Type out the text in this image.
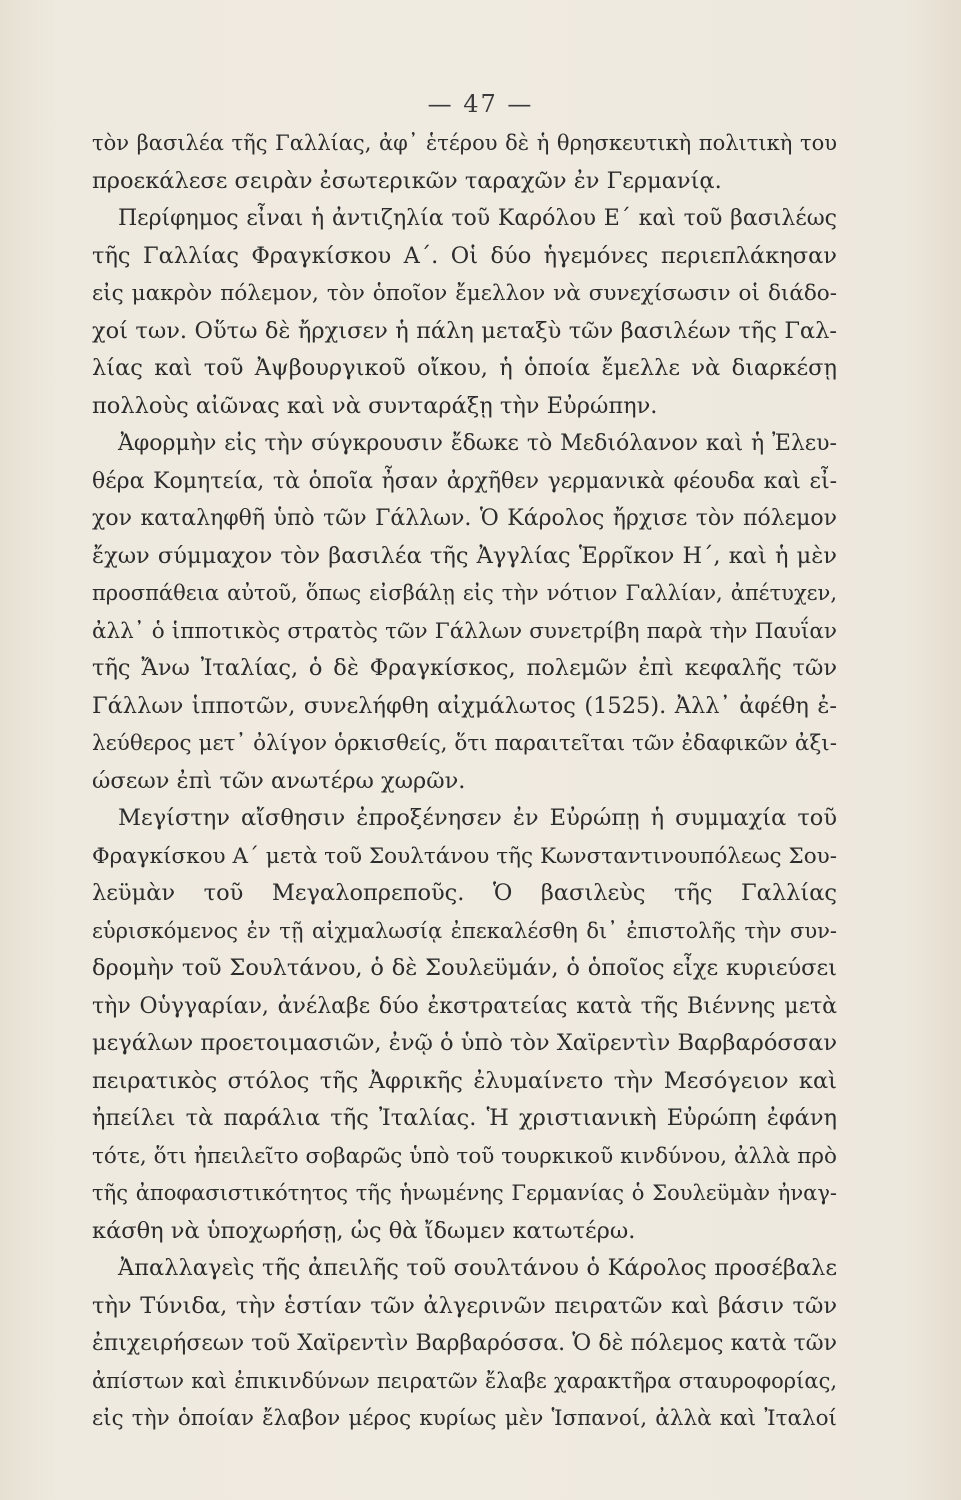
— 47 —
τὸν βασιλέα τῆς Γαλλίας, ἀφ᾽ ἑτέρου δὲ ἡ θρησκευτικὴ πολιτικὴ του
προεκάλεσε σειρὰν ἐσωτερικῶν ταραχῶν ἐν Γερμανίᾳ.
Περίφημος εἶναι ἡ ἀντιζηλία τοῦ Καρόλου Ε´ καὶ τοῦ βασιλέως
τῆς Γαλλίας Φραγκίσκου Α´. Οἱ δύο ἡγεμόνες περιεπλάκησαν
εἰς μακρὸν πόλεμον, τὸν ὁποῖον ἔμελλον νὰ συνεχίσωσιν οἱ διάδο-
χοί των. Οὕτω δὲ ἤρχισεν ἡ πάλη μεταξὺ τῶν βασιλέων τῆς Γαλ-
λίας καὶ τοῦ Ἀψβουργικοῦ οἴκου, ἡ ὁποία ἔμελλε νὰ διαρκέσῃ
πολλοὺς αἰῶνας καὶ νὰ συνταράξῃ τὴν Εὐρώπην.
Ἀφορμὴν εἰς τὴν σύγκρουσιν ἔδωκε τὸ Μεδιόλανον καὶ ἡ Ἐλευ-
θέρα Κομητεία, τὰ ὁποῖα ἦσαν ἀρχῆθεν γερμανικὰ φέουδα καὶ εἶ-
χον καταληφθῆ ὑπὸ τῶν Γάλλων. Ὁ Κάρολος ἤρχισε τὸν πόλεμον
ἔχων σύμμαχον τὸν βασιλέα τῆς Ἀγγλίας Ἑρρῖκον Η´, καὶ ἡ μὲν
προσπάθεια αὐτοῦ, ὅπως εἰσβάλῃ εἰς τὴν νότιον Γαλλίαν, ἀπέτυχεν,
ἀλλ᾽ ὁ ἱπποτικὸς στρατὸς τῶν Γάλλων συνετρίβη παρὰ τὴν Παυΐαν
τῆς Ἄνω Ἰταλίας, ὁ δὲ Φραγκίσκος, πολεμῶν ἐπὶ κεφαλῆς τῶν
Γάλλων ἱπποτῶν, συνελήφθη αἰχμάλωτος (1525). Ἀλλ᾽ ἀφέθη ἐ-
λεύθερος μετ᾽ ὀλίγον ὁρκισθείς, ὅτι παραιτεῖται τῶν ἐδαφικῶν ἀξι-
ώσεων ἐπὶ τῶν ανωτέρω χωρῶν.
Μεγίστην αἴσθησιν ἐπροξένησεν ἐν Εὐρώπῃ ἡ συμμαχία τοῦ
Φραγκίσκου Α´ μετὰ τοῦ Σουλτάνου τῆς Κωνσταντινουπόλεως Σου-
λεϋμὰν τοῦ Μεγαλοπρεποῦς. Ὁ βασιλεὺς τῆς Γαλλίας
εὑρισκόμενος ἐν τῇ αἰχμαλωσίᾳ ἐπεκαλέσθη δι᾽ ἐπιστολῆς τὴν συν-
δρομὴν τοῦ Σουλτάνου, ὁ δὲ Σουλεϋμάν, ὁ ὁποῖος εἶχε κυριεύσει
τὴν Οὑγγαρίαν, ἀνέλαβε δύο ἐκστρατείας κατὰ τῆς Βιέννης μετὰ
μεγάλων προετοιμασιῶν, ἐνῷ ὁ ὑπὸ τὸν Χαϊρεντὶν Βαρβαρόσσαν
πειρατικὸς στόλος τῆς Ἀφρικῆς ἐλυμαίνετο τὴν Μεσόγειον καὶ
ἠπείλει τὰ παράλια τῆς Ἰταλίας. Ἡ χριστιανικὴ Εὐρώπη ἐφάνη
τότε, ὅτι ἠπειλεῖτο σοβαρῶς ὑπὸ τοῦ τουρκικοῦ κινδύνου, ἀλλὰ πρὸ
τῆς ἀποφασιστικότητος τῆς ἡνωμένης Γερμανίας ὁ Σουλεϋμὰν ἠναγ-
κάσθη νὰ ὑποχωρήσῃ, ὡς θὰ ἴδωμεν κατωτέρω.
Ἀπαλλαγεὶς τῆς ἀπειλῆς τοῦ σουλτάνου ὁ Κάρολος προσέβαλε
τὴν Τύνιδα, τὴν ἑστίαν τῶν ἀλγερινῶν πειρατῶν καὶ βάσιν τῶν
ἐπιχειρήσεων τοῦ Χαϊρεντὶν Βαρβαρόσσα. Ὁ δὲ πόλεμος κατὰ τῶν
ἀπίστων καὶ ἐπικινδύνων πειρατῶν ἔλαβε χαρακτῆρα σταυροφορίας,
εἰς τὴν ὁποίαν ἔλαβον μέρος κυρίως μὲν Ἱσπανοί, ἀλλὰ καὶ Ἰταλοί
